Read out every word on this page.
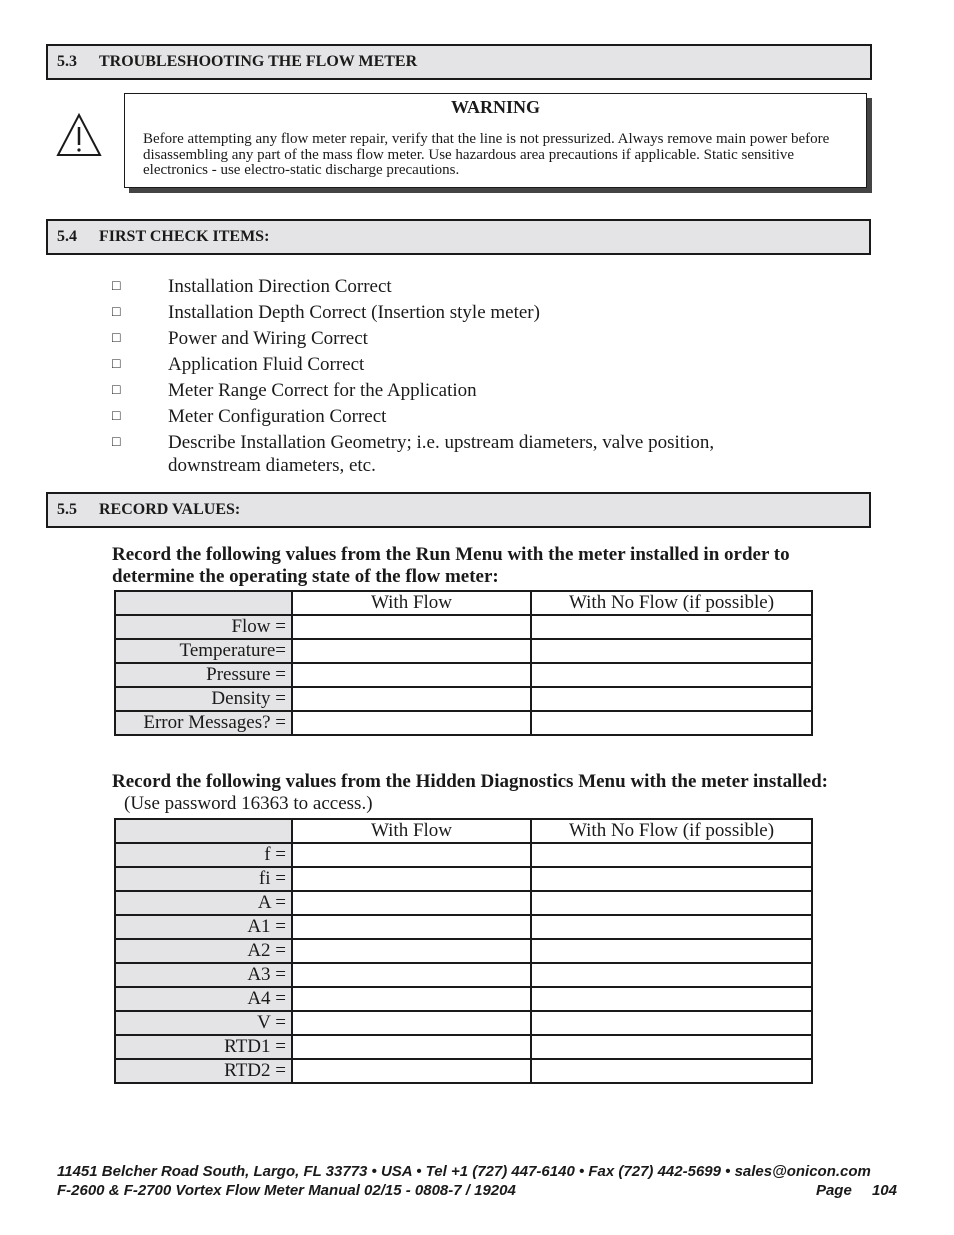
5.3	TROUBLESHOOTING THE FLOW METER
WARNING
Before attempting any flow meter repair, verify that the line is not pressurized. Always remove main power before disassembling any part of the mass flow meter. Use hazardous area precautions if applicable. Static sensitive electronics - use electro-static discharge precautions.
5.4	FIRST CHECK ITEMS:
□	Installation Direction Correct
□	Installation Depth Correct (Insertion style meter)
□	Power and Wiring Correct
□	Application Fluid Correct
□	Meter Range Correct for the Application
□	Meter Configuration Correct
□	Describe Installation Geometry; i.e. upstream diameters, valve position, downstream diameters, etc.
5.5	RECORD VALUES:
Record the following values from the Run Menu with the meter installed in order to determine the operating state of the flow meter:
	With Flow	With No Flow (if possible)
Flow =		
Temperature=		
Pressure =		
Density =		
Error Messages? =		
Record the following values from the Hidden Diagnostics Menu with the meter installed: (Use password 16363 to access.)
	With Flow	With No Flow (if possible)
f =		
fi =		
A =		
A1 =		
A2 =		
A3 =		
A4 =		
V =		
RTD1 =		
RTD2 =		
11451 Belcher Road South, Largo, FL 33773 • USA • Tel +1 (727) 447-6140 • Fax (727) 442-5699 • sales@onicon.com
F-2600 & F-2700 Vortex Flow Meter Manual 02/15 - 0808-7 / 19204	Page 104
